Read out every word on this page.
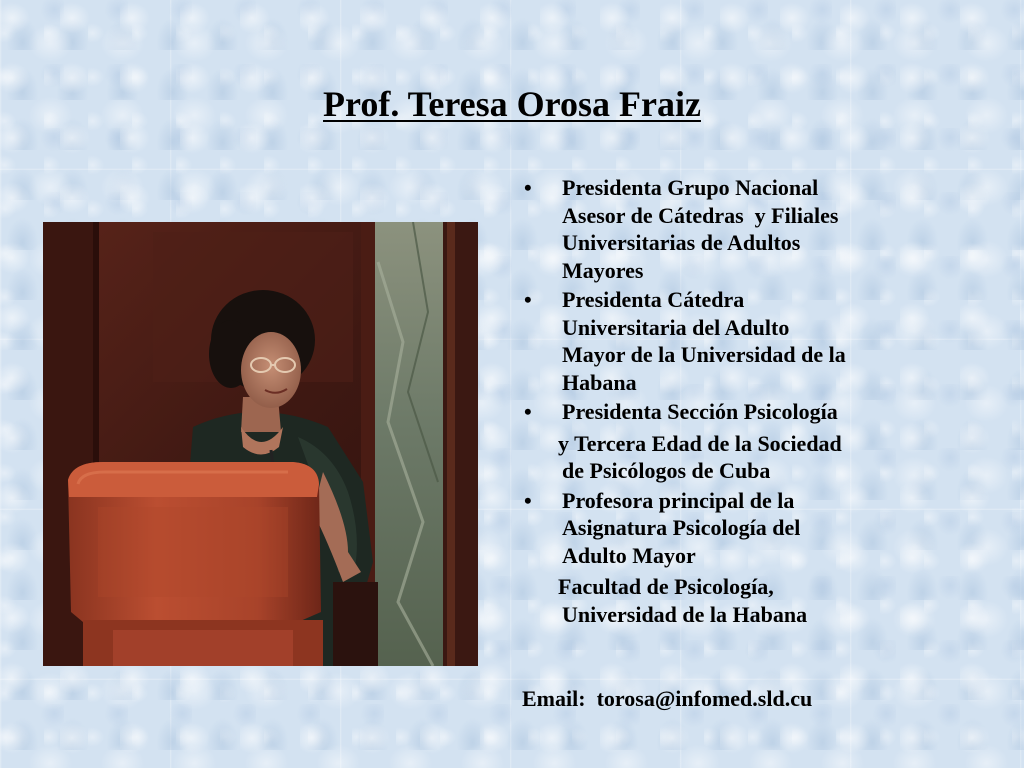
Prof. Teresa Orosa Fraiz
• Presidenta Grupo Nacional
Asesor de Cátedras  y Filiales
Universitarias de Adultos
Mayores
• Presidenta Cátedra
Universitaria del Adulto
Mayor de la Universidad de la
Habana
• Presidenta Sección Psicología
y Tercera Edad de la Sociedad
de Psicólogos de Cuba
• Profesora principal de la
Asignatura Psicología del
Adulto Mayor
Facultad de Psicología,
Universidad de la Habana

Email: torosa@infomed.sld.cu
